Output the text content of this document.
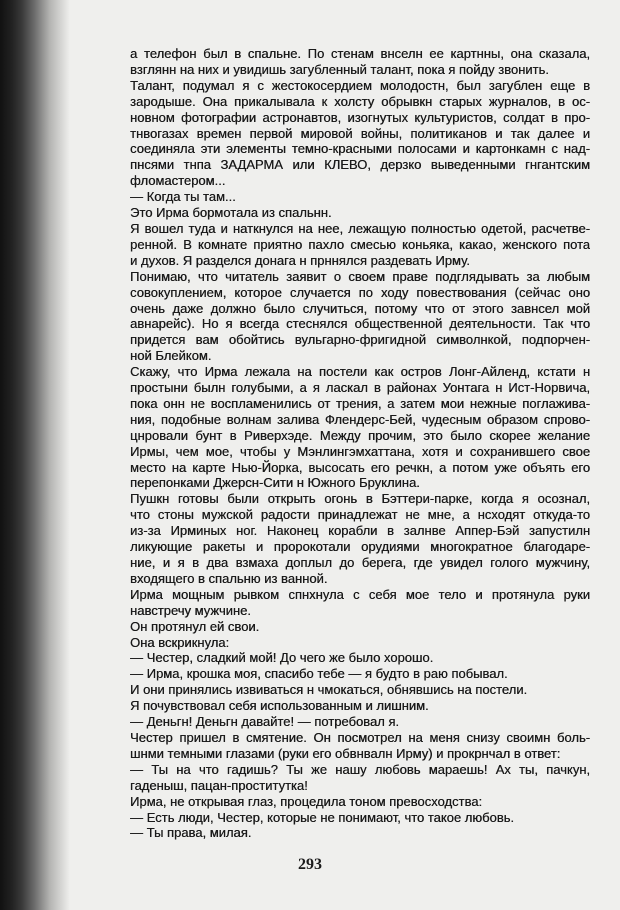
а телефон был в спальне. По стенам внселн ее картнны, она сказала,
взглянн на них и увидишь загубленный талант, пока я пойду звонить.
Талант, подумал я с жестокосердием молодостн, был загублен еще в
зародыше. Она прикалывала к холсту обрывкн старых журналов, в ос-
новном фотографии астронавтов, изогнутых культуристов, солдат в про-
тнвогазах времен первой мировой войны, политиканов и так далее и
соединяла эти элементы темно-красными полосами и картонкамн с над-
пнсями тнпа ЗАДАРМА или КЛЕВО, дерзко выведенными гнгантским
фломастером...
— Когда ты там...
Это Ирма бормотала из спальнн.
Я вошел туда и наткнулся на нее, лежащую полностью одетой, расчетве-
ренной. В комнате приятно пахло смесью коньяка, какао, женского пота
и духов. Я разделся донага н прннялся раздевать Ирму.
Понимаю, что читатель заявит о своем праве подглядывать за любым
совокуплением, которое случается по ходу повествования (сейчас оно
очень даже должно было случиться, потому что от этого завнсел мой
авнарейс). Но я всегда стеснялся общественной деятельности. Так что
придется вам обойтись вульгарно-фригидной символнкой, подпорчен-
ной Блейком.
Скажу, что Ирма лежала на постели как остров Лонг-Айленд, кстати н
простыни былн голубыми, а я ласкал в районах Уонтага н Ист-Норвича,
пока онн не воспламенились от трения, а затем мои нежные поглажива-
ния, подобные волнам залива Флендерс-Бей, чудесным образом спрово-
цнровали бунт в Риверхэде. Между прочим, это было скорее желание
Ирмы, чем мое, чтобы у Мэнлингэмхаттана, хотя и сохранившего свое
место на карте Нью-Йорка, высосать его речкн, а потом уже объять его
перепонками Джерсн-Сити н Южного Бруклина.
Пушкн готовы были открыть огонь в Бэттери-парке, когда я осознал,
что стоны мужской радости принадлежат не мне, а нсходят откуда-то
из-за Ирминых ног. Наконец корабли в залнве Аппер-Бэй запустилн
ликующие ракеты и пророкотали орудиями многократное благодаре-
ние, и я в два взмаха доплыл до берега, где увидел голого мужчину,
входящего в спальню из ванной.
Ирма мощным рывком спнхнула с себя мое тело и протянула руки
навстречу мужчине.
Он протянул ей свои.
Она вскрикнула:
— Честер, сладкий мой! До чего же было хорошо.
— Ирма, крошка моя, спасибо тебе — я будто в раю побывал.
И они принялись извиваться н чмокаться, обнявшись на постели.
Я почувствовал себя использованным и лишним.
— Деньгн! Деньгн давайте! — потребовал я.
Честер пришел в смятение. Он посмотрел на меня снизу своимн боль-
шнми темными глазами (руки его обвнвалн Ирму) и прокрнчал в ответ:
— Ты на что гадишь? Ты же нашу любовь мараешь! Ах ты, пачкун,
гаденыш, пацан-проститутка!
Ирма, не открывая глаз, процедила тоном превосходства:
— Есть люди, Честер, которые не понимают, что такое любовь.
— Ты права, милая.
293
